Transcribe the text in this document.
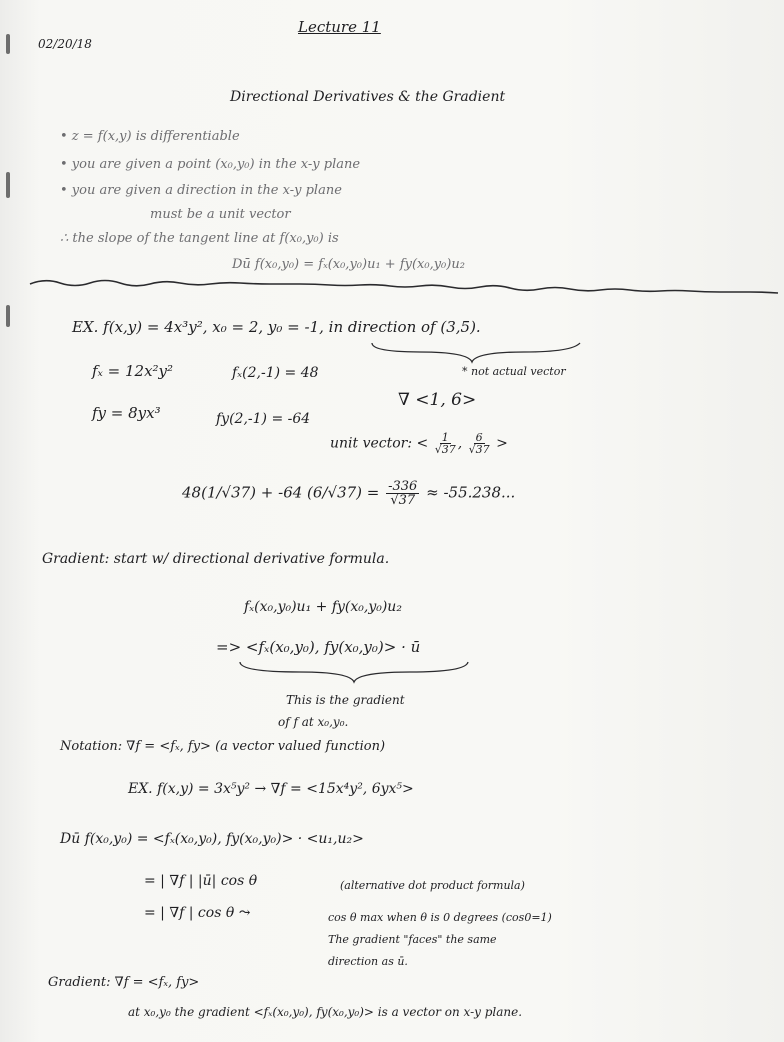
02/20/18
Lecture 11
Directional Derivatives & the Gradient
• z = f(x,y) is differentiable
• you are given a point (x₀,y₀) in the x-y plane
• you are given a direction in the x-y plane
must be a unit vector
∴ the slope of the tangent line at f(x₀,y₀) is
Dū f(x₀,y₀) = fₓ(x₀,y₀)u₁ + fy(x₀,y₀)u₂
EX. f(x,y) = 4x³y², x₀ = 2, y₀ = -1, in direction of (3,5).
fₓ = 12x²y²	fₓ(2,-1) = 48	* not actual vector
∇ <1, 6>
fy = 8yx³	fy(2,-1) = -64
unit vector: < $\frac{1}{√37}$ , $\frac{6}{√37}$ >
48(1/√37) + -64 $(6/√37) = \frac{-336}{√37} \approx -55.238$...
Gradient: start w/ directional derivative formula.
fₓ(x₀,y₀)u₁ + fy(x₀,y₀)u₂
=> <fₓ(x₀,y₀), fy(x₀,y₀)> · ū
This is the gradient
of f at x₀,y₀.
Notation: ∇f = <fₓ, fy> (a vector valued function)
EX. f(x,y) = 3x⁵y² → ∇f = <15x⁴y², 6yx⁵>
Dū f(x₀,y₀) = <fₓ(x₀,y₀), fy(x₀,y₀)> · <u₁,u₂>
= | ∇f | |ū| cos θ	(alternative dot product formula)
= | ∇f | cos θ ⤳	cos θ max when θ is 0 degrees (cos0=1)
The gradient "faces" the same
direction as ū.
Gradient: ∇f = <fₓ, fy>
at x₀,y₀ the gradient <fₓ(x₀,y₀), fy(x₀,y₀)> is a vector on x-y plane.
